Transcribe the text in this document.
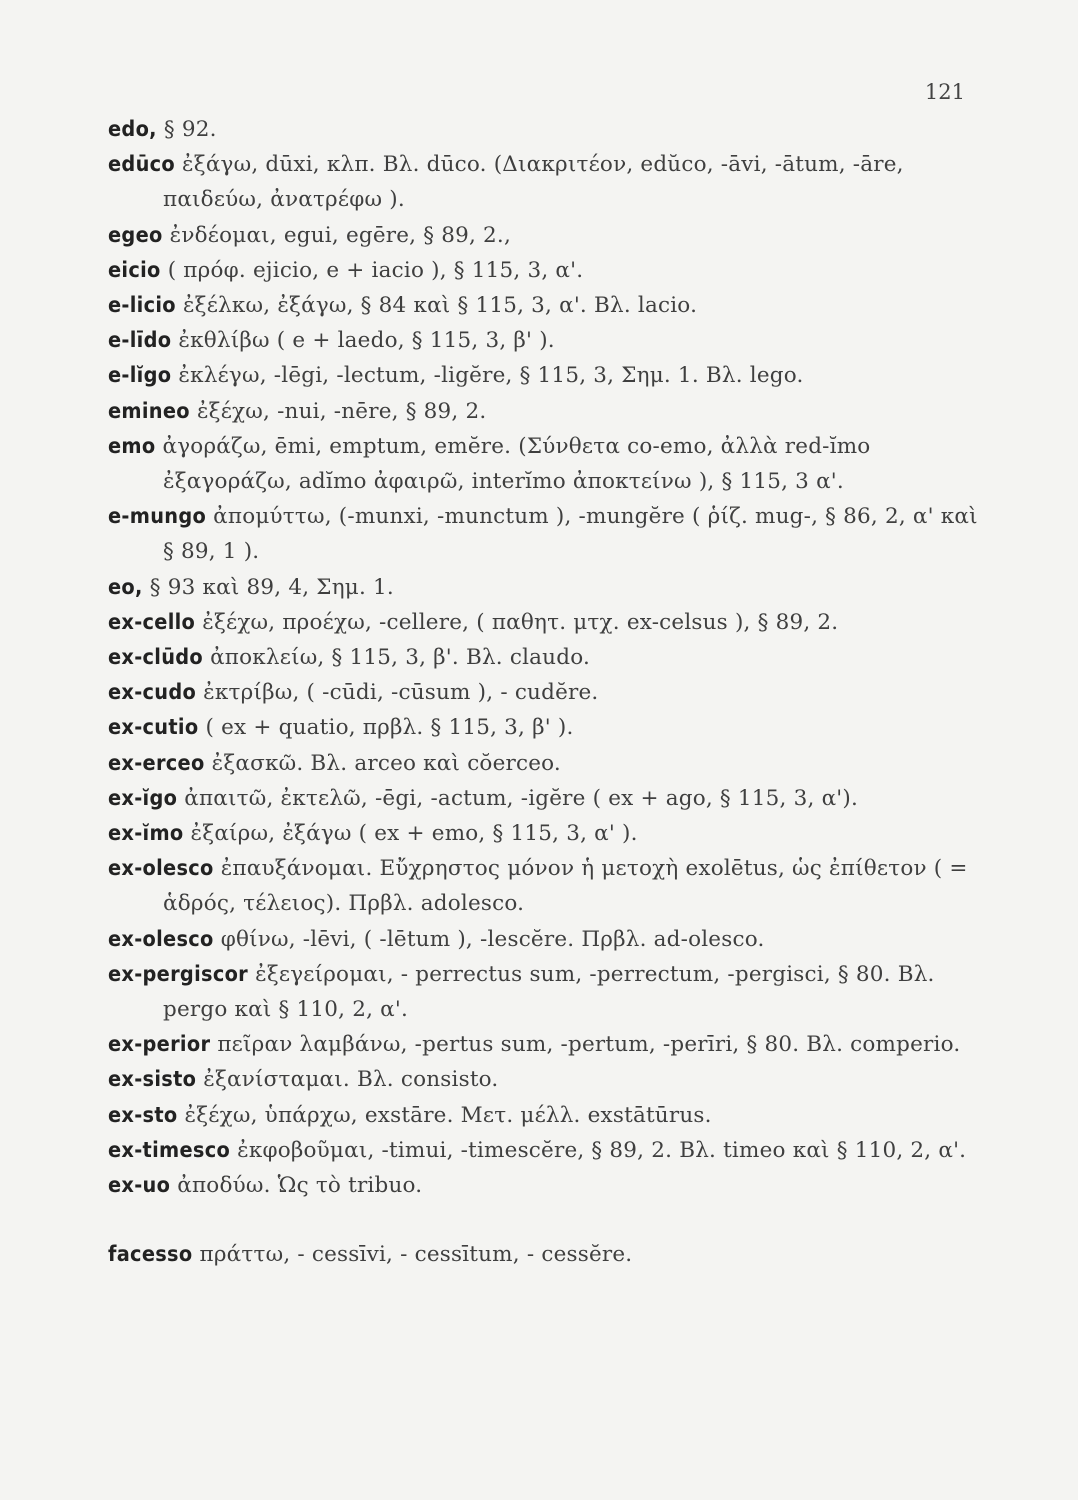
121
edo, § 92.
edūco ἐξάγω, dūxi, κλπ. Βλ. dūco. (Διακριτέον, edŭco, -āvi, -ātum, -āre, παιδεύω, ἀνατρέφω ).
egeo ἐνδέομαι, egui, egēre, § 89, 2.,
eicio ( πρόφ. ejicio, e + iacio ), § 115, 3, α'.
e-licio ἐξέλκω, ἐξάγω, § 84 καὶ § 115, 3, α'. Βλ. lacio.
e-līdo ἐκθλίβω ( e + laedo, § 115, 3, β' ).
e-lĭgo ἐκλέγω, -lēgi, -lectum, -ligĕre, § 115, 3, Σημ. 1. Βλ. lego.
emineo ἐξέχω, -nui, -nēre, § 89, 2.
emo ἀγοράζω, ēmi, emptum, emĕre. (Σύνθετα co-emo, ἀλλὰ red-ĭmo ἐξαγοράζω, adĭmo ἀφαιρῶ, interĭmo ἀποκτείνω ), § 115, 3 α'.
e-mungo ἀπομύττω, (-munxi, -munctum ), -mungĕre ( ῥίζ. mug-, § 86, 2, α' καὶ § 89, 1 ).
eo, § 93 καὶ 89, 4, Σημ. 1.
ex-cello ἐξέχω, προέχω, -cellere, ( παθητ. μτχ. ex-celsus ), § 89, 2.
ex-clūdo ἀποκλείω, § 115, 3, β'. Βλ. claudo.
ex-cudo ἐκτρίβω, ( -cūdi, -cūsum ), - cudĕre.
ex-cutio ( ex + quatio, πρβλ. § 115, 3, β' ).
ex-erceo ἐξασκῶ. Βλ. arceo καὶ cŏerceo.
ex-ĭgo ἀπαιτῶ, ἐκτελῶ, -ēgi, -actum, -igĕre ( ex + ago, § 115, 3, α').
ex-ĭmo ἐξαίρω, ἐξάγω ( ex + emo, § 115, 3, α' ).
ex-olesco ἐπαυξάνομαι. Εὔχρηστος μόνον ἡ μετοχὴ exolētus, ὡς ἐπίθετον ( = ἁδρός, τέλειος). Πρβλ. adolesco.
ex-olesco φθίνω, -lēvi, ( -lētum ), -lescĕre. Πρβλ. ad-olesco.
ex-pergiscor ἐξεγείρομαι, - perrectus sum, -perrectum, -pergisci, § 80. Βλ. pergo καὶ § 110, 2, α'.
ex-perior πεῖραν λαμβάνω, -pertus sum, -pertum, -perīri, § 80. Βλ. comperio.
ex-sisto ἐξανίσταμαι. Βλ. consisto.
ex-sto ἐξέχω, ὑπάρχω, exstāre. Μετ. μέλλ. exstātūrus.
ex-timesco ἐκφοβοῦμαι, -timui, -timescĕre, § 89, 2. Βλ. timeo καὶ § 110, 2, α'.
ex-uo ἀποδύω. Ὡς τὸ tribuo.
facesso πράττω, - cessīvi, - cessītum, - cessĕre.
